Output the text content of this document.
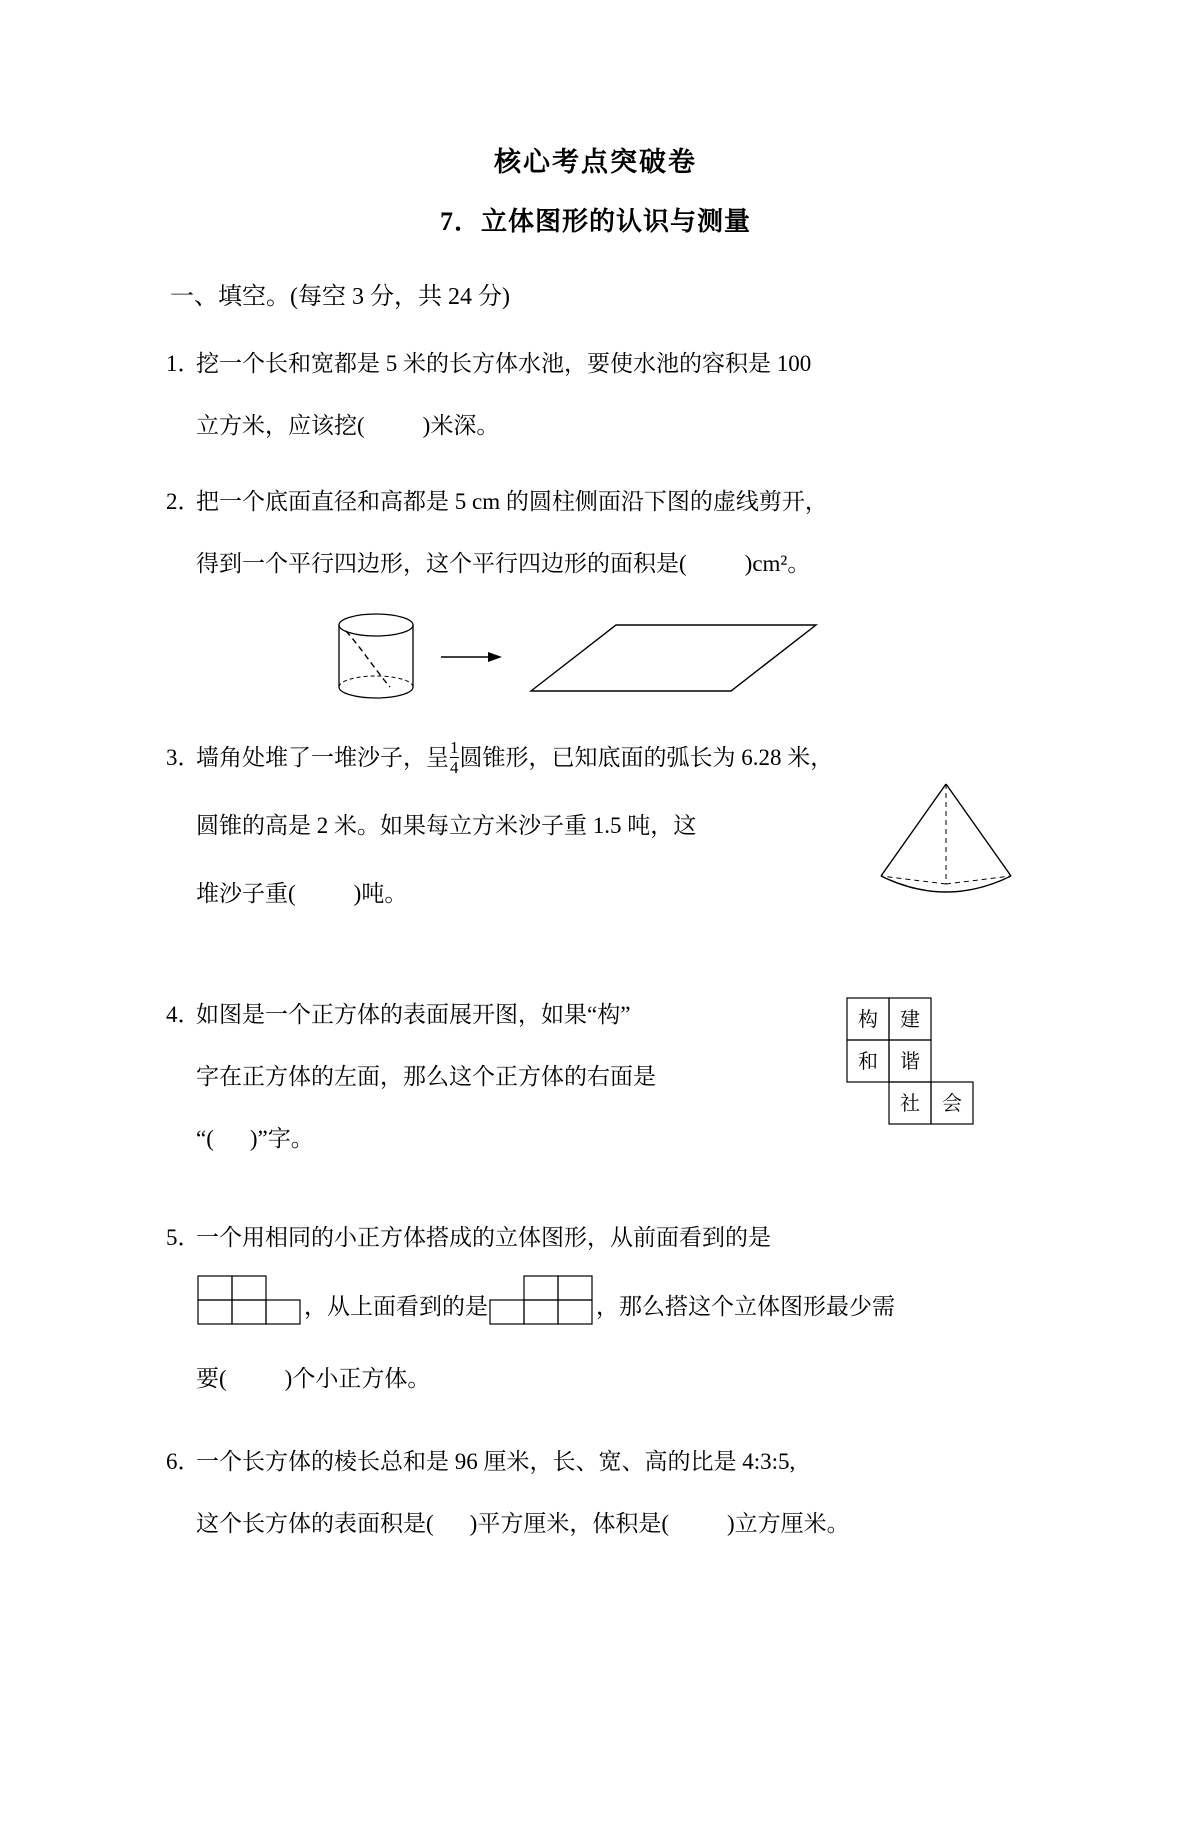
核心考点突破卷
7．立体图形的认识与测量
一、填空。(每空 3 分，共 24 分)
1．
挖一个长和宽都是 5 米的长方体水池，要使水池的容积是 100
立方米，应该挖(	)米深。
2．
把一个底面直径和高都是 5 cm 的圆柱侧面沿下图的虚线剪开，
得到一个平行四边形，这个平行四边形的面积是(	)cm²。
3．
墙角处堆了一堆沙子，呈$\frac{1}{4}$ 圆锥形，已知底面的弧长为 6.28 米，
圆锥的高是 2 米。如果每立方米沙子重 1.5 吨，这
堆沙子重(	)吨。
4．
如图是一个正方体的表面展开图，如果“构”
字在正方体的左面，那么这个正方体的右面是
“( )”字。
构 建
和 谐
社 会
5．
一个用相同的小正方体搭成的立体图形，从前面看到的是
，从上面看到的是	，那么搭这个立体图形最少需
要(	)个小正方体。
6．
一个长方体的棱长总和是 96 厘米，长、宽、高的比是 4:3:5,
这个长方体的表面积是( )平方厘米，体积是(	)立方厘米。
